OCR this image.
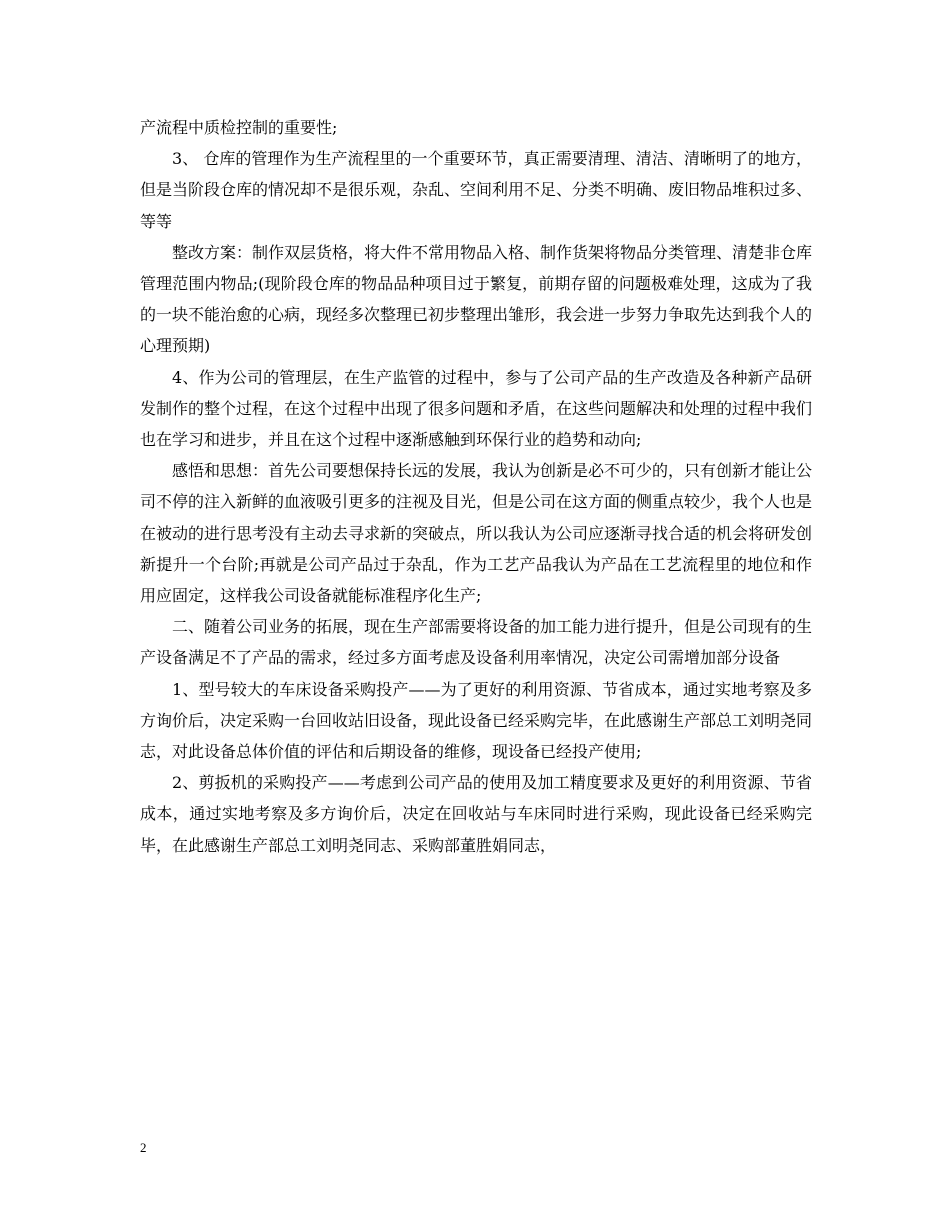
产流程中质检控制的重要性;

3、 仓库的管理作为生产流程里的一个重要环节，真正需要清理、清洁、清晰明了的地方，但是当阶段仓库的情况却不是很乐观，杂乱、空间利用不足、分类不明确、废旧物品堆积过多、等等

整改方案：制作双层货格，将大件不常用物品入格、制作货架将物品分类管理、清楚非仓库管理范围内物品;(现阶段仓库的物品品种项目过于繁复，前期存留的问题极难处理，这成为了我的一块不能治愈的心病，现经多次整理已初步整理出雏形，我会进一步努力争取先达到我个人的心理预期)

4、作为公司的管理层，在生产监管的过程中，参与了公司产品的生产改造及各种新产品研发制作的整个过程，在这个过程中出现了很多问题和矛盾，在这些问题解决和处理的过程中我们也在学习和进步，并且在这个过程中逐渐感触到环保行业的趋势和动向;

感悟和思想：首先公司要想保持长远的发展，我认为创新是必不可少的，只有创新才能让公司不停的注入新鲜的血液吸引更多的注视及目光，但是公司在这方面的侧重点较少，我个人也是在被动的进行思考没有主动去寻求新的突破点，所以我认为公司应逐渐寻找合适的机会将研发创新提升一个台阶;再就是公司产品过于杂乱，作为工艺产品我认为产品在工艺流程里的地位和作用应固定，这样我公司设备就能标准程序化生产;

二、随着公司业务的拓展，现在生产部需要将设备的加工能力进行提升，但是公司现有的生产设备满足不了产品的需求，经过多方面考虑及设备利用率情况，决定公司需增加部分设备

1、型号较大的车床设备采购投产——为了更好的利用资源、节省成本，通过实地考察及多方询价后，决定采购一台回收站旧设备，现此设备已经采购完毕，在此感谢生产部总工刘明尧同志，对此设备总体价值的评估和后期设备的维修，现设备已经投产使用;

2、剪扳机的采购投产——考虑到公司产品的使用及加工精度要求及更好的利用资源、节省成本，通过实地考察及多方询价后，决定在回收站与车床同时进行采购，现此设备已经采购完毕，在此感谢生产部总工刘明尧同志、采购部董胜娟同志，

2
